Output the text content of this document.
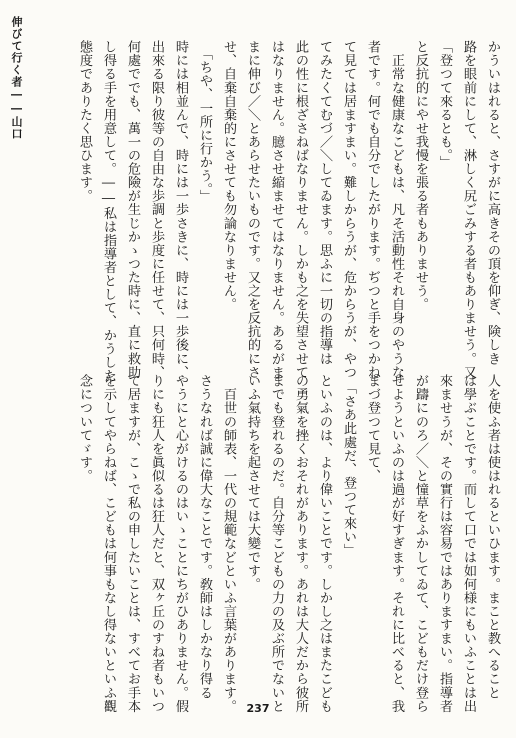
伸びて行く者――山口	かういはれると、さすがに高きその頂を仰ぎ、険しき
路を眼前にして、淋しく尻ごみする者もありませう。又
「登つて來るとも。」
と反抗的にやせ我慢を張る者もありませう。
　正常な健康なこどもは、凡そ活動性それ自身のやうな
者です。何でも自分でしたがります。ぢつと手をつかね
て見ては居ますまい。難しからうが、危からうが、やつ
てみたくてむづ／＼してゐます。思ふに一切の指導は
此の性に根ざさねばなりません。しかも之を失望させて
はなりません。臆させ縮ませてはなりません。あるがま
まに伸び／＼とあらせたいものです。又之を反抗的にさ
せ、自棄自棄的にさせても勿論なりません。
　「ちや、一所に行かう。」
時には相並んで、時には一歩さきに、時には一歩後に、
出來る限り彼等の自由な歩調と歩度に任せて、只何時、
何處ででも、萬一の危險が生じかゝつた時に、直に救助
し得る手を用意して。――私は指導者として、かうした
態度でありたく思ひます。
人を使ふ者は使はれるといひます。まこと教へること
は學ぶことです。而して口では如何様にもいふことは出
來ませうが、その實行は容易ではありますまい。指導者
が躊にのろ／＼と憧草をふかしてゐて、こどもだけ登ら
せようといふのは過が好すぎます。それに比べると、我
まづ登つて見て、
　「さあ此處だ、登つて來い」
といふのは、より偉いことです。しかし之はまたこども
の勇氣を挫くおそれがあります。あれは大人だから彼所
までも登れるのだ。自分等こどもの力の及ぶ所でないと
いふ氣持ちを起させては大變です。
　百世の師表、一代の規範などといふ言葉があります。
さうなれば誠に偉大なことです。敎師はしかなり得る
やうにと心がけるのはいゝことにちがひありません。假
りにも狂人を眞似るは狂人だと、双ヶ丘のすね者もいつ
て居ますが、こゝで私の申したいことは、すべてお手本
を示してやらねば、こどもは何事もなし得ないといふ觀
念についてゞす。
237
